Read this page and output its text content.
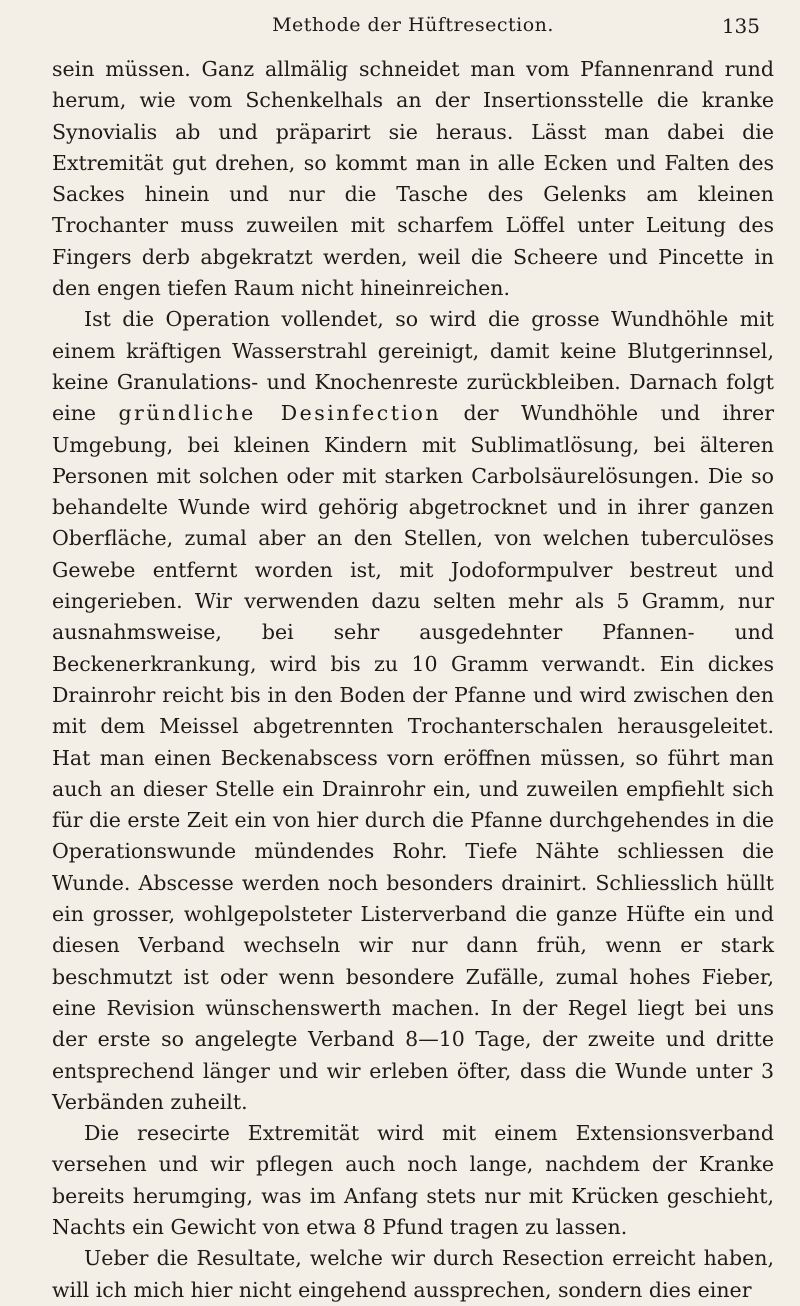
Methode der Hüftresection.	135

sein müssen. Ganz allmälig schneidet man vom Pfannenrand rund herum, wie vom Schenkelhals an der Insertionsstelle die kranke Synovialis ab und präparirt sie heraus. Lässt man dabei die Extremität gut drehen, so kommt man in alle Ecken und Falten des Sackes hinein und nur die Tasche des Gelenks am kleinen Trochanter muss zuweilen mit scharfem Löffel unter Leitung des Fingers derb abgekratzt werden, weil die Scheere und Pincette in den engen tiefen Raum nicht hineinreichen.

Ist die Operation vollendet, so wird die grosse Wundhöhle mit einem kräftigen Wasserstrahl gereinigt, damit keine Blutgerinnsel, keine Granulations- und Knochenreste zurückbleiben. Darnach folgt eine gründliche Desinfection der Wundhöhle und ihrer Umgebung, bei kleinen Kindern mit Sublimatlösung, bei älteren Personen mit solchen oder mit starken Carbolsäurelösungen. Die so behandelte Wunde wird gehörig abgetrocknet und in ihrer ganzen Oberfläche, zumal aber an den Stellen, von welchen tuberculöses Gewebe entfernt worden ist, mit Jodoformpulver bestreut und eingerieben. Wir verwenden dazu selten mehr als 5 Gramm, nur ausnahmsweise, bei sehr ausgedehnter Pfannen- und Beckenerkrankung, wird bis zu 10 Gramm verwandt. Ein dickes Drainrohr reicht bis in den Boden der Pfanne und wird zwischen den mit dem Meissel abgetrennten Trochanterschalen herausgeleitet. Hat man einen Beckenabscess vorn eröffnen müssen, so führt man auch an dieser Stelle ein Drainrohr ein, und zuweilen empfiehlt sich für die erste Zeit ein von hier durch die Pfanne durchgehendes in die Operationswunde mündendes Rohr. Tiefe Nähte schliessen die Wunde. Abscesse werden noch besonders drainirt. Schliesslich hüllt ein grosser, wohlgepolsteter Listerverband die ganze Hüfte ein und diesen Verband wechseln wir nur dann früh, wenn er stark beschmutzt ist oder wenn besondere Zufälle, zumal hohes Fieber, eine Revision wünschenswerth machen. In der Regel liegt bei uns der erste so angelegte Verband 8—10 Tage, der zweite und dritte entsprechend länger und wir erleben öfter, dass die Wunde unter 3 Verbänden zuheilt.

Die resecirte Extremität wird mit einem Extensionsverband versehen und wir pflegen auch noch lange, nachdem der Kranke bereits herumging, was im Anfang stets nur mit Krücken geschieht, Nachts ein Gewicht von etwa 8 Pfund tragen zu lassen.

Ueber die Resultate, welche wir durch Resection erreicht haben, will ich mich hier nicht eingehend aussprechen, sondern dies einer
